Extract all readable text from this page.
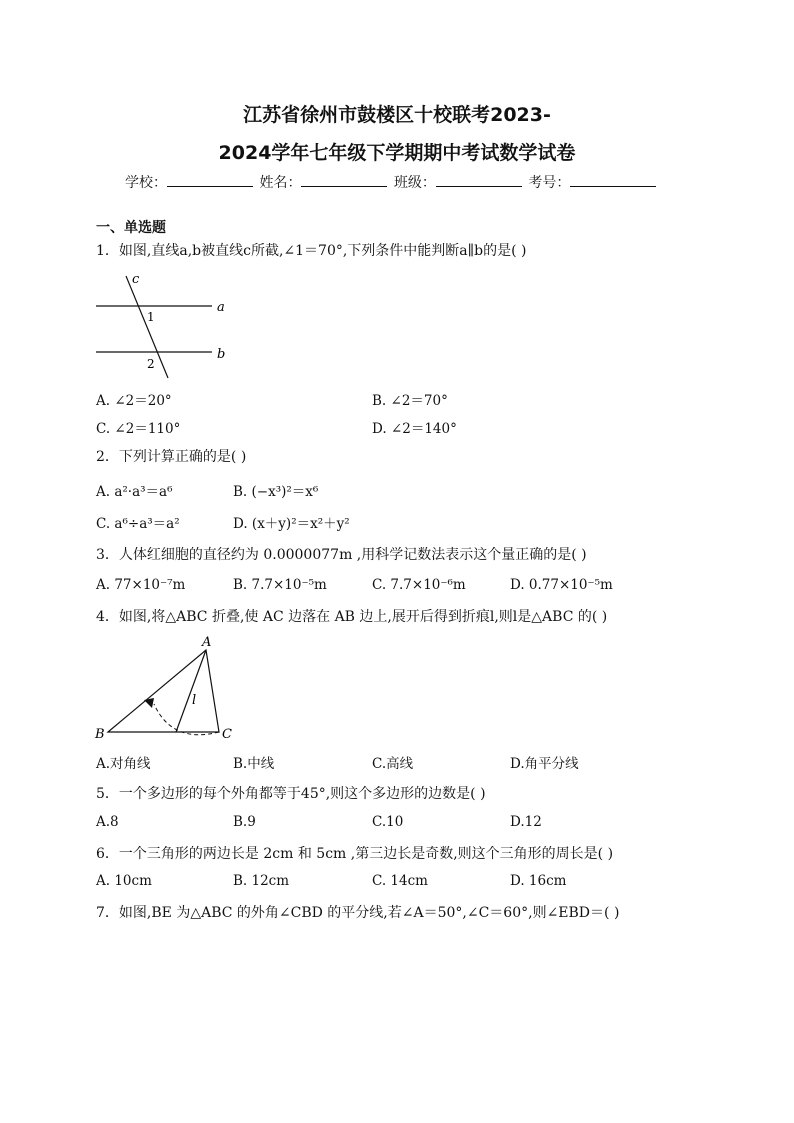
江苏省徐州市鼓楼区十校联考2023-
2024学年七年级下学期期中考试数学试卷
学校：	姓名：	班级：	考号：
一、单选题
1．如图,直线a,b被直线c所截,∠1＝70°,下列条件中能判断a∥b的是( )
c
a
b
1
2
A. ∠2＝20°	B. ∠2＝70°
C. ∠2＝110°	D. ∠2＝140°
2．下列计算正确的是( )
A. a²·a³＝a⁶	B. (−x³)²＝x⁶
C. a⁶÷a³＝a²	D. (x＋y)²＝x²＋y²
3．人体红细胞的直径约为 0.0000077m ,用科学记数法表示这个量正确的是( )
A. 77×10⁻⁷m	B. 7.7×10⁻⁵m	C. 7.7×10⁻⁶m	D. 0.77×10⁻⁵m
4．如图,将△ABC 折叠,使 AC 边落在 AB 边上,展开后得到折痕l,则l是△ABC 的( )
A
B	C
l
A.对角线	B.中线	C.高线	D.角平分线
5．一个多边形的每个外角都等于45°,则这个多边形的边数是( )
A.8	B.9	C.10	D.12
6．一个三角形的两边长是 2cm 和 5cm ,第三边长是奇数,则这个三角形的周长是( )
A. 10cm	B. 12cm	C. 14cm	D. 16cm
7．如图,BE 为△ABC 的外角∠CBD 的平分线,若∠A＝50°,∠C＝60°,则∠EBD＝( )
